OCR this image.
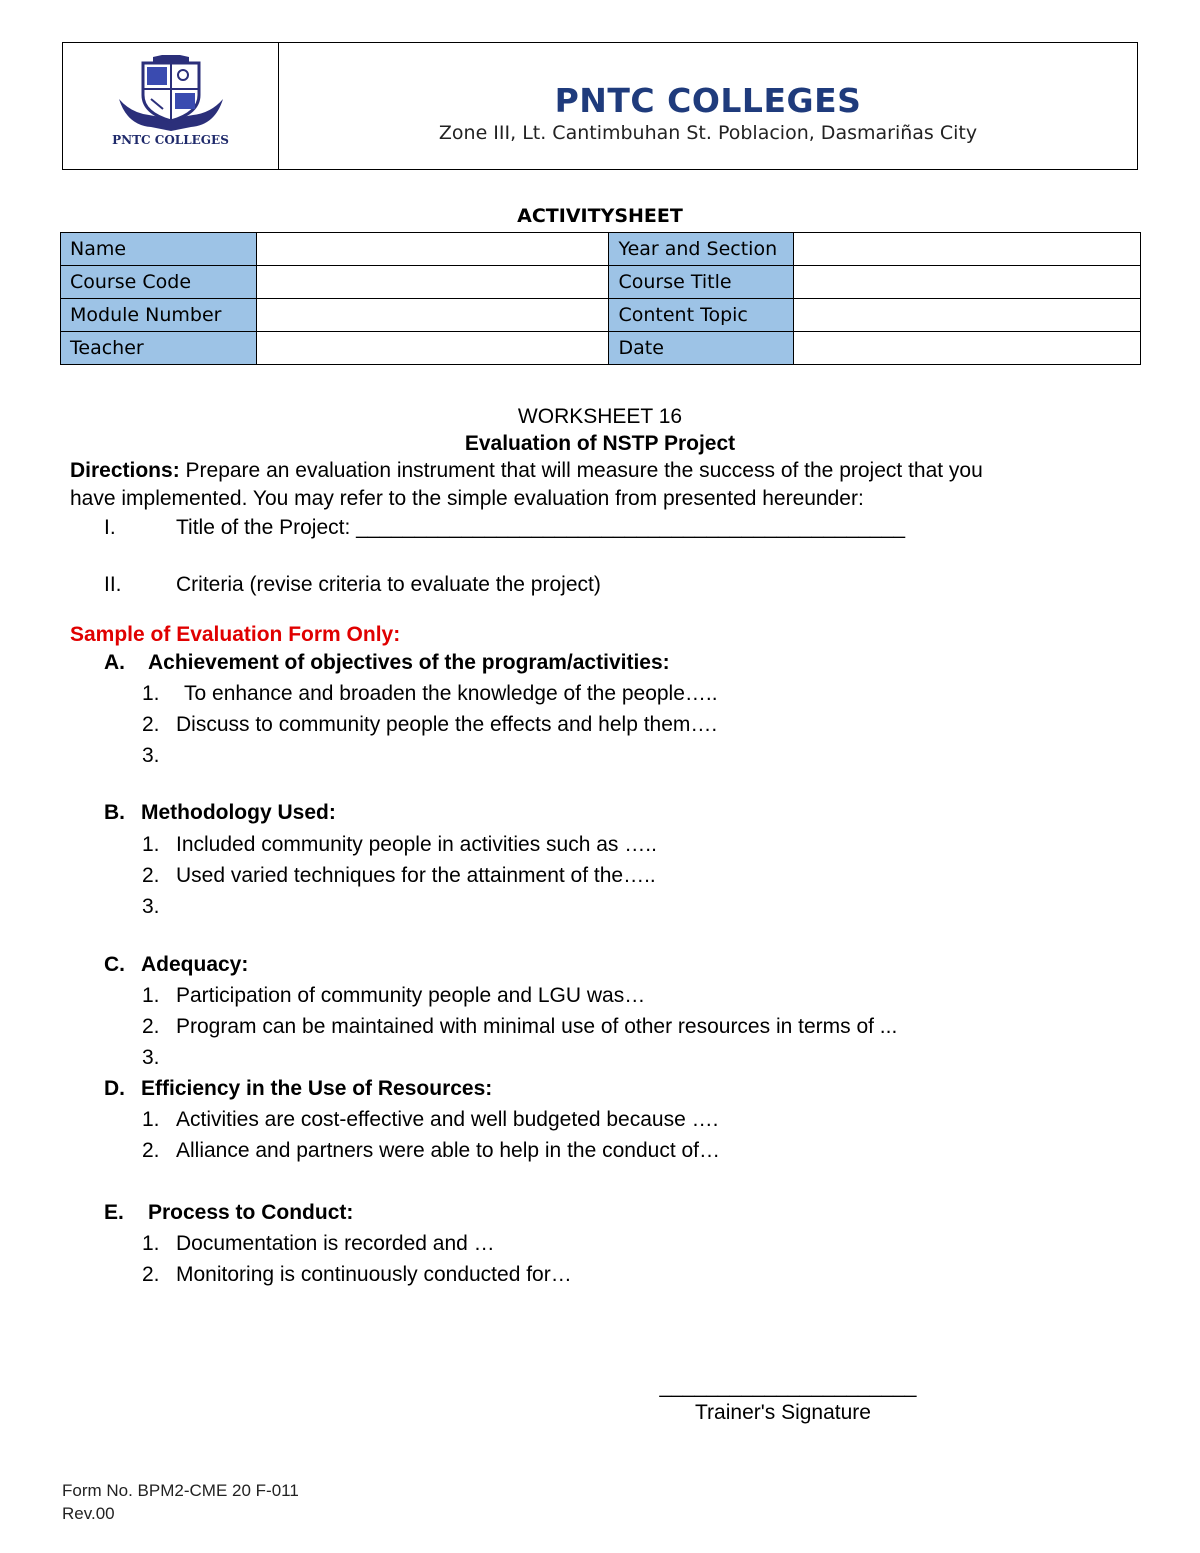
PNTC COLLEGES
PNTC COLLEGES
Zone III, Lt. Cantimbuhan St. Poblacion, Dasmariñas City
ACTIVITYSHEET
Name		Year and Section	
Course Code		Course Title	
Module Number		Content Topic	
Teacher		Date	
WORKSHEET 16
Evaluation of NSTP Project
Directions: Prepare an evaluation instrument that will measure the success of the project that you
have implemented. You may refer to the simple evaluation from presented hereunder:
I.	Title of the Project: _______________________________________________
II.	Criteria (revise criteria to evaluate the project)
Sample of Evaluation Form Only:
A. Achievement of objectives of the program/activities:
1. To enhance and broaden the knowledge of the people…..
2. Discuss to community people the effects and help them….
3.
B. Methodology Used:
1. Included community people in activities such as …..
2. Used varied techniques for the attainment of the…..
3.
C. Adequacy:
1. Participation of community people and LGU was…
2. Program can be maintained with minimal use of other resources in terms of ...
3.
D. Efficiency in the Use of Resources:
1. Activities are cost-effective and well budgeted because ….
2. Alliance and partners were able to help in the conduct of…
E. Process to Conduct:
1. Documentation is recorded and …
2. Monitoring is continuously conducted for…
______________________
Trainer's Signature
Form No. BPM2-CME 20 F-011
Rev.00
